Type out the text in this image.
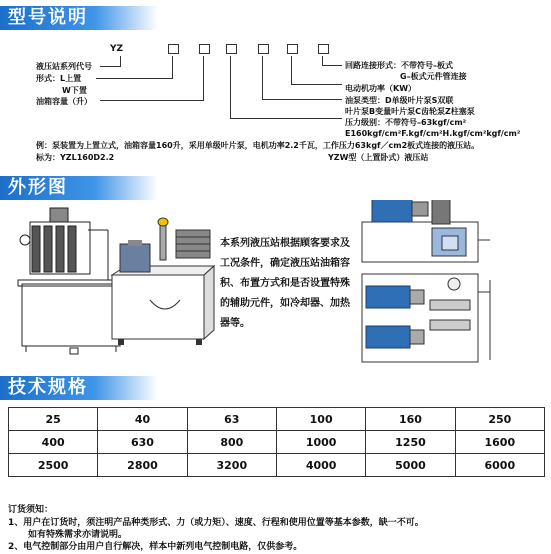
型号说明
外形图
技术规格
YZ
液压站系列代号
形式：L上置
W下置
油箱容量（升）
回路连接形式：不带符号–板式
G–板式元件管连接
电动机功率（KW）
油泵类型：D单级叶片泵S双联
叶片泵B变量叶片泵C齿轮泵Z柱塞泵
压力级别：不带符号–63kgf/cm²
E160kgf/cm²F.kgf/cm²H.kgf/cm²kgf/cm²
例：泵装置为上置立式，油箱容量160升，采用单级叶片泵，电机功率2.2千瓦，工作压力63kgf／cm2板式连接的液压站。
标为：YZL160D2.2	YZW型（上置卧式）液压站
本系列液压站根据顾客要求及工况条件，确定液压站油箱容积、布置方式和是否设置特殊的辅助元件，如冷却器、加热器等。
25	40	63	100	160	250
400	630	800	1000	1250	1600
2500	2800	3200	4000	5000	6000
订货须知：
1、用户在订货时，须注明产品种类形式、力（或力矩）、速度、行程和使用位置等基本参数，缺一不可。
如有特殊需求亦请说明。
2、电气控制部分由用户自行解决，样本中新列电气控制电路，仅供参考。
